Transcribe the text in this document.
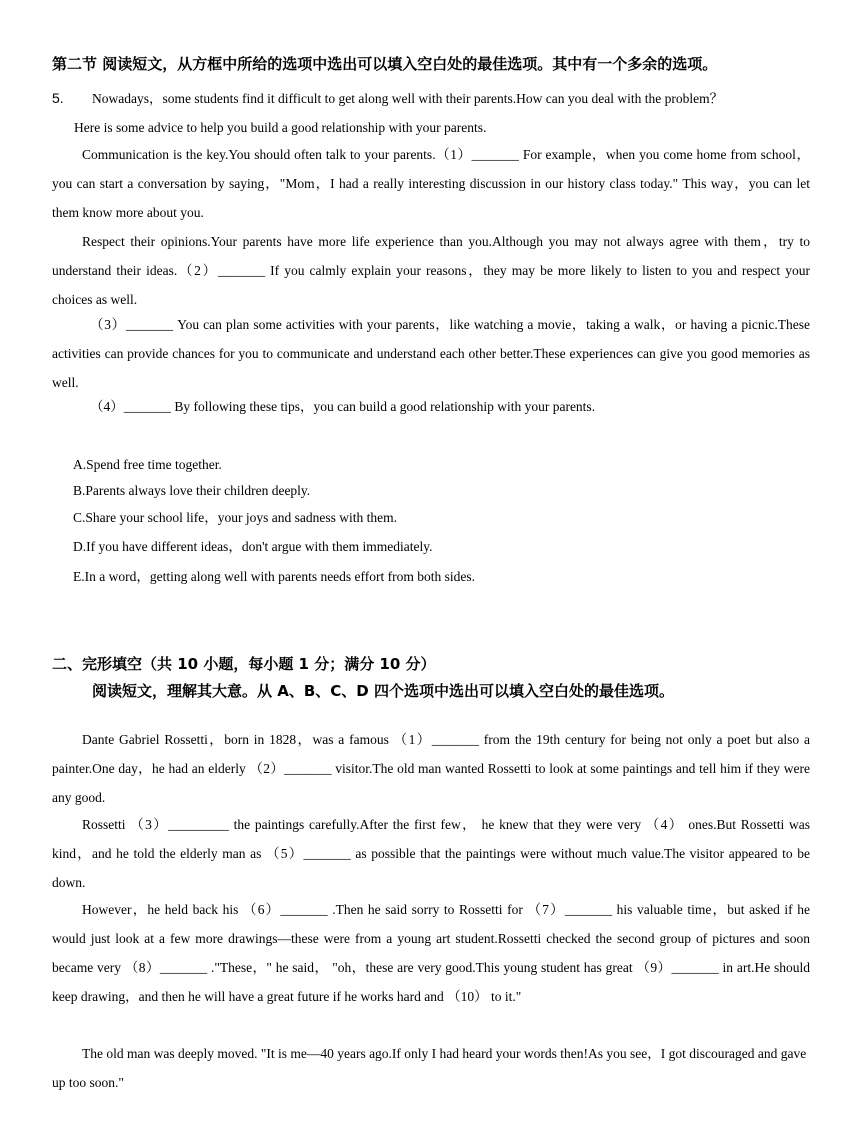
第二节 阅读短文，从方框中所给的选项中选出可以填入空白处的最佳选项。其中有一个多余的选项。
5. Nowadays，some students find it difficult to get along well with their parents.How can you deal with the problem？
Here is some advice to help you build a good relationship with your parents.

Communication is the key.You should often talk to your parents.（1）_______ For example，when you come home from school，you can start a conversation by saying，"Mom，I had a really interesting discussion in our history class today." This way，you can let them know more about you.

Respect their opinions.Your parents have more life experience than you.Although you may not always agree with them，try to understand their ideas.（2）_______ If you calmly explain your reasons，they may be more likely to listen to you and respect your choices as well.

（3）_______ You can plan some activities with your parents，like watching a movie，taking a walk，or having a picnic.These activities can provide chances for you to communicate and understand each other better.These experiences can give you good memories as well.

（4）_______ By following these tips，you can build a good relationship with your parents.

A.Spend free time together.
B.Parents always love their children deeply.
C.Share your school life，your joys and sadness with them.
D.If you have different ideas，don't argue with them immediately.
E.In a word，getting along well with parents needs effort from both sides.
二、完形填空（共 10 小题，每小题 1 分；满分 10 分）
阅读短文，理解其大意。从 A、B、C、D 四个选项中选出可以填入空白处的最佳选项。

Dante Gabriel Rossetti，born in 1828，was a famous （1）_______ from the 19th century for being not only a poet but also a painter.One day，he had an elderly （2）_______ visitor.The old man wanted Rossetti to look at some paintings and tell him if they were any good.

Rossetti （3）_________ the paintings carefully.After the first few， he knew that they were very （4） ones.But Rossetti was kind，and he told the elderly man as （5）_______ as possible that the paintings were without much value.The visitor appeared to be down.

However，he held back his （6）_______ .Then he said sorry to Rossetti for （7）_______ his valuable time，but asked if he would just look at a few more drawings—these were from a young art student.Rossetti checked the second group of pictures and soon became very （8）_______ ."These，" he said， "oh，these are very good.This young student has great （9）_______ in art.He should keep drawing，and then he will have a great future if he works hard and （10） to it."

The old man was deeply moved. "It is me—40 years ago.If only I had heard your words then!As you see，I got discouraged and gave up too soon."
